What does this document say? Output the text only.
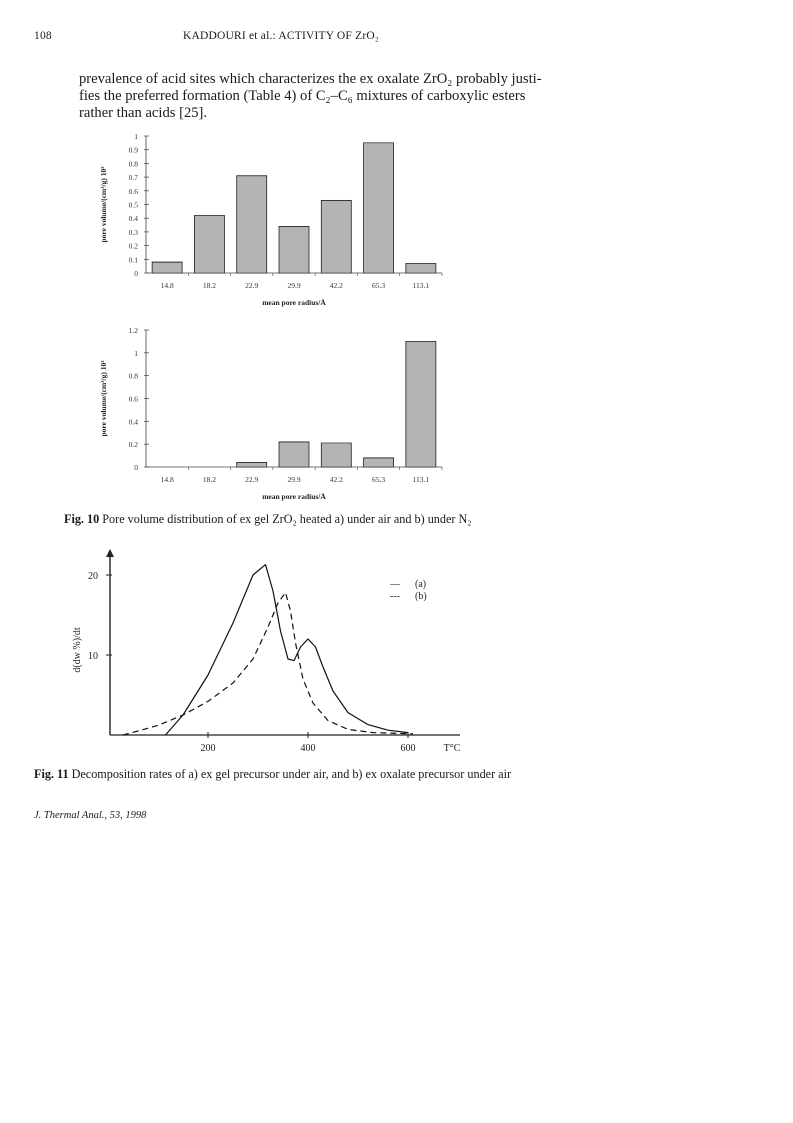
108	KADDOURI et al.: ACTIVITY OF ZrO₂
prevalence of acid sites which characterizes the ex oxalate ZrO₂ probably justi-
fies the preferred formation (Table 4) of C₂–C₆ mixtures of carboxylic esters
rather than acids [25].
0
0.1
0.2
0.3
0.4
0.5
0.6
0.7
0.8
0.9
1
14.8	18.2	22.9	29.9	42.2	65.3	113.1
mean pore radius/Å
pore volume/(cm³/g) 10³
0
0.2
0.4
0.6
0.8
1
1.2
14.8	18.2	22.9	29.9	42.2	65.3	113.1
mean pore radius/Å
pore volume/(cm³/g) 10³
Fig. 10 Pore volume distribution of ex gel ZrO₂ heated a) under air and b) under N₂
10
20
200	400	600	T°C
d(dw %)/dt
— (a)
--- (b)
Fig. 11 Decomposition rates of a) ex gel precursor under air, and b) ex oxalate precursor under air
J. Thermal Anal., 53, 1998
